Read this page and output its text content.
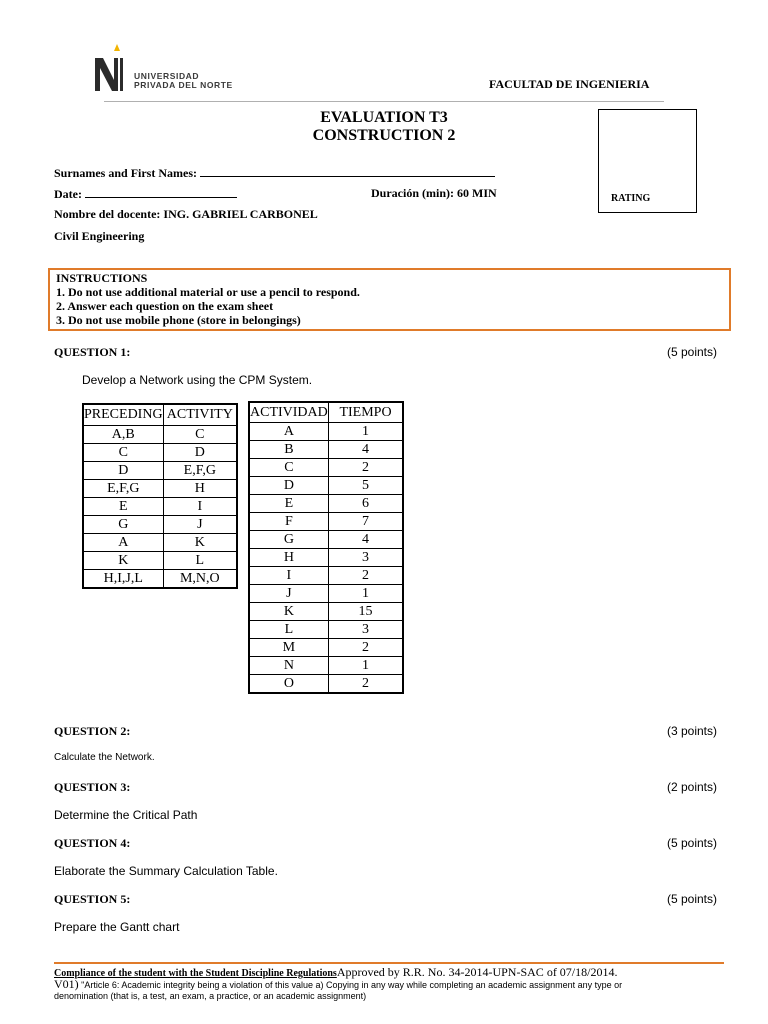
UNIVERSIDAD
PRIVADA DEL NORTE	FACULTAD DE INGENIERIA
EVALUATION T3
CONSTRUCTION 2
RATING
Surnames and First Names:
Date:	Duración (min): 60 MIN
Nombre del docente: ING. GABRIEL CARBONEL
Civil Engineering
INSTRUCTIONS
1. Do not use additional material or use a pencil to respond.
2. Answer each question on the exam sheet
3. Do not use mobile phone (store in belongings)
QUESTION 1:	(5 points)
Develop a Network using the CPM System.
PRECEDING	ACTIVITY
A,B	C
C	D
D	E,F,G
E,F,G	H
E	I
G	J
A	K
K	L
H,I,J,L	M,N,O
ACTIVIDAD	TIEMPO
A	1
B	4
C	2
D	5
E	6
F	7
G	4
H	3
I	2
J	1
K	15
L	3
M	2
N	1
O	2
QUESTION 2:	(3 points)
Calculate the Network.
QUESTION 3:	(2 points)
Determine the Critical Path
QUESTION 4:	(5 points)
Elaborate the Summary Calculation Table.
QUESTION 5:	(5 points)
Prepare the Gantt chart
Compliance of the student with the Student Discipline RegulationsApproved by R.R. No. 34-2014-UPN-SAC of 07/18/2014.
V01) "Article 6: Academic integrity being a violation of this value a) Copying in any way while completing an academic assignment any type or denomination (that is, a test, an exam, a practice, or an academic assignment)
